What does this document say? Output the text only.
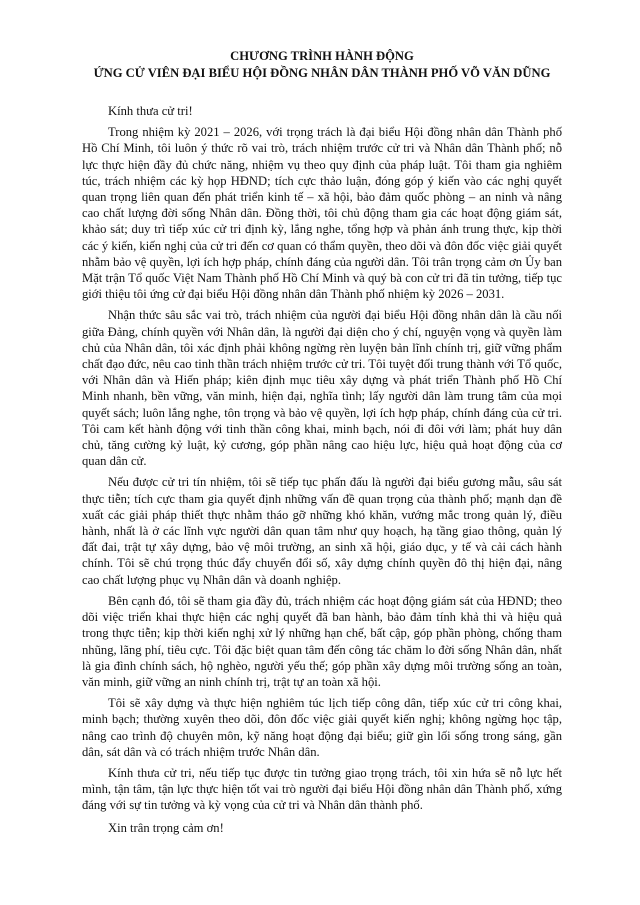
CHƯƠNG TRÌNH HÀNH ĐỘNG
ỨNG CỬ VIÊN ĐẠI BIỂU HỘI ĐỒNG NHÂN DÂN THÀNH PHỐ VÕ VĂN DŨNG

Kính thưa cử tri!

Trong nhiệm kỳ 2021 – 2026, với trọng trách là đại biểu Hội đồng nhân dân Thành phố Hồ Chí Minh, tôi luôn ý thức rõ vai trò, trách nhiệm trước cử tri và Nhân dân Thành phố; nỗ lực thực hiện đầy đủ chức năng, nhiệm vụ theo quy định của pháp luật. Tôi tham gia nghiêm túc, trách nhiệm các kỳ họp HĐND; tích cực thảo luận, đóng góp ý kiến vào các nghị quyết quan trọng liên quan đến phát triển kinh tế – xã hội, bảo đảm quốc phòng – an ninh và nâng cao chất lượng đời sống Nhân dân. Đồng thời, tôi chủ động tham gia các hoạt động giám sát, khảo sát; duy trì tiếp xúc cử tri định kỳ, lắng nghe, tổng hợp và phản ánh trung thực, kịp thời các ý kiến, kiến nghị của cử tri đến cơ quan có thẩm quyền, theo dõi và đôn đốc việc giải quyết nhằm bảo vệ quyền, lợi ích hợp pháp, chính đáng của người dân. Tôi trân trọng cảm ơn Ủy ban Mặt trận Tổ quốc Việt Nam Thành phố Hồ Chí Minh và quý bà con cử tri đã tin tưởng, tiếp tục giới thiệu tôi ứng cử đại biểu Hội đồng nhân dân Thành phố nhiệm kỳ 2026 – 2031.

Nhận thức sâu sắc vai trò, trách nhiệm của người đại biểu Hội đồng nhân dân là cầu nối giữa Đảng, chính quyền với Nhân dân, là người đại diện cho ý chí, nguyện vọng và quyền làm chủ của Nhân dân, tôi xác định phải không ngừng rèn luyện bản lĩnh chính trị, giữ vững phẩm chất đạo đức, nêu cao tinh thần trách nhiệm trước cử tri. Tôi tuyệt đối trung thành với Tổ quốc, với Nhân dân và Hiến pháp; kiên định mục tiêu xây dựng và phát triển Thành phố Hồ Chí Minh nhanh, bền vững, văn minh, hiện đại, nghĩa tình; lấy người dân làm trung tâm của mọi quyết sách; luôn lắng nghe, tôn trọng và bảo vệ quyền, lợi ích hợp pháp, chính đáng của cử tri. Tôi cam kết hành động với tinh thần công khai, minh bạch, nói đi đôi với làm; phát huy dân chủ, tăng cường kỷ luật, kỷ cương, góp phần nâng cao hiệu lực, hiệu quả hoạt động của cơ quan dân cử.

Nếu được cử tri tín nhiệm, tôi sẽ tiếp tục phấn đấu là người đại biểu gương mẫu, sâu sát thực tiễn; tích cực tham gia quyết định những vấn đề quan trọng của thành phố; mạnh dạn đề xuất các giải pháp thiết thực nhằm tháo gỡ những khó khăn, vướng mắc trong quản lý, điều hành, nhất là ở các lĩnh vực người dân quan tâm như quy hoạch, hạ tầng giao thông, quản lý đất đai, trật tự xây dựng, bảo vệ môi trường, an sinh xã hội, giáo dục, y tế và cải cách hành chính. Tôi sẽ chú trọng thúc đẩy chuyển đổi số, xây dựng chính quyền đô thị hiện đại, nâng cao chất lượng phục vụ Nhân dân và doanh nghiệp.

Bên cạnh đó, tôi sẽ tham gia đầy đủ, trách nhiệm các hoạt động giám sát của HĐND; theo dõi việc triển khai thực hiện các nghị quyết đã ban hành, bảo đảm tính khả thi và hiệu quả trong thực tiễn; kịp thời kiến nghị xử lý những hạn chế, bất cập, góp phần phòng, chống tham nhũng, lãng phí, tiêu cực. Tôi đặc biệt quan tâm đến công tác chăm lo đời sống Nhân dân, nhất là gia đình chính sách, hộ nghèo, người yếu thế; góp phần xây dựng môi trường sống an toàn, văn minh, giữ vững an ninh chính trị, trật tự an toàn xã hội.

Tôi sẽ xây dựng và thực hiện nghiêm túc lịch tiếp công dân, tiếp xúc cử tri công khai, minh bạch; thường xuyên theo dõi, đôn đốc việc giải quyết kiến nghị; không ngừng học tập, nâng cao trình độ chuyên môn, kỹ năng hoạt động đại biểu; giữ gìn lối sống trong sáng, gần dân, sát dân và có trách nhiệm trước Nhân dân.

Kính thưa cử tri, nếu tiếp tục được tin tưởng giao trọng trách, tôi xin hứa sẽ nỗ lực hết mình, tận tâm, tận lực thực hiện tốt vai trò người đại biểu Hội đồng nhân dân Thành phố, xứng đáng với sự tin tưởng và kỳ vọng của cử tri và Nhân dân thành phố.

Xin trân trọng cảm ơn!
